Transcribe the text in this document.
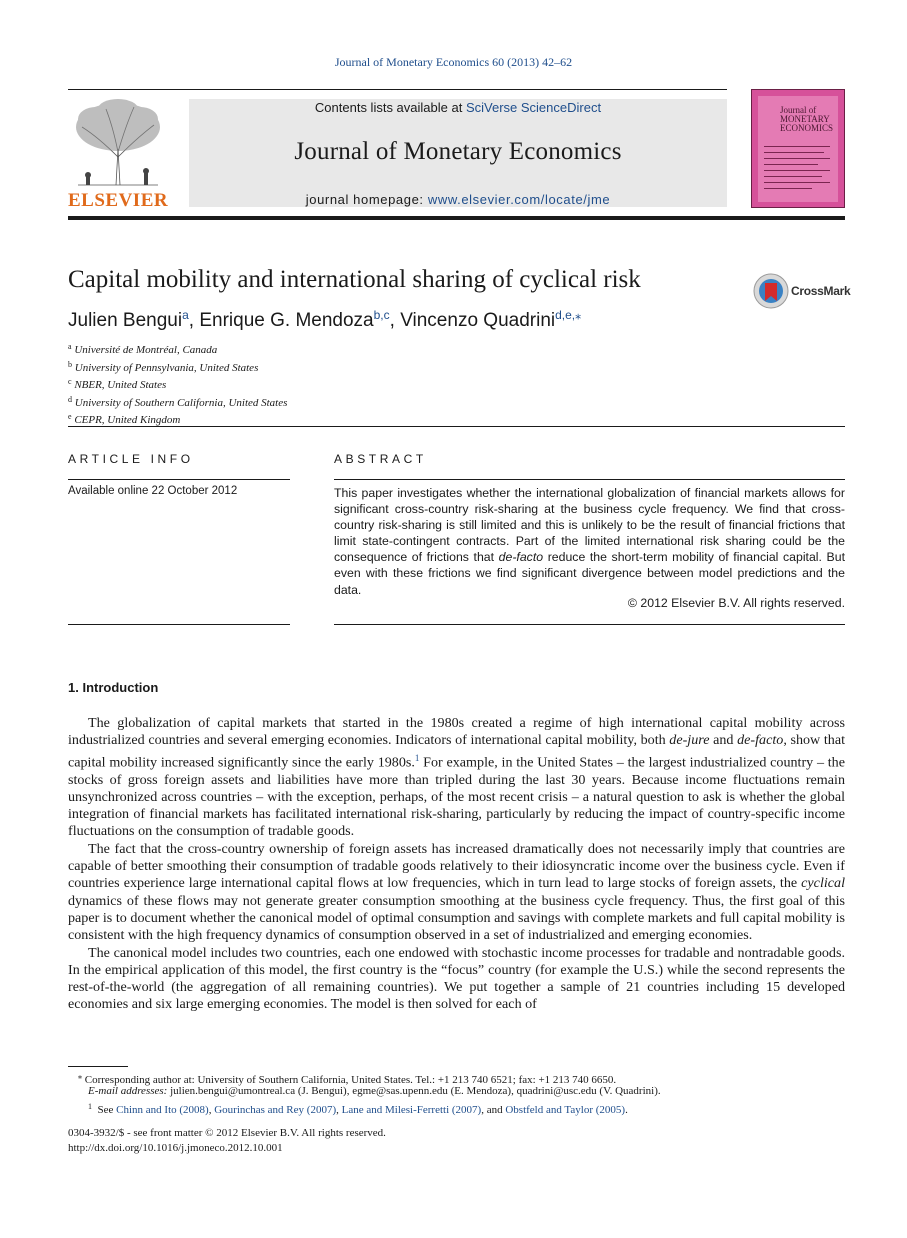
Journal of Monetary Economics 60 (2013) 42–62
ELSEVIER
Contents lists available at SciVerse ScienceDirect
Journal of Monetary Economics
journal homepage: www.elsevier.com/locate/jme
Journal of MONETARY ECONOMICS
Capital mobility and international sharing of cyclical risk	CrossMark
Julien Bengui$^a$, Enrique G. Mendoza$^{b,c}$, Vincenzo Quadrini$^{d,e,⁎}$
$^a$ Université de Montréal, Canada
$^b$ University of Pennsylvania, United States
$^c$ NBER, United States
$^d$ University of Southern California, United States
$^e$ CEPR, United Kingdom
ARTICLE INFO
Available online 22 October 2012
ABSTRACT
This paper investigates whether the international globalization of financial markets allows for significant cross-country risk-sharing at the business cycle frequency. We find that cross-country risk-sharing is still limited and this is unlikely to be the result of financial frictions that limit state-contingent contracts. Part of the limited international risk sharing could be the consequence of frictions that de-facto reduce the short-term mobility of financial capital. But even with these frictions we find significant divergence between model predictions and the data.
© 2012 Elsevier B.V. All rights reserved.
1. Introduction

The globalization of capital markets that started in the 1980s created a regime of high international capital mobility across industrialized countries and several emerging economies. Indicators of international capital mobility, both de-jure and de-facto, show that capital mobility increased significantly since the early 1980s.$^1$ For example, in the United States – the largest industrialized country – the stocks of gross foreign assets and liabilities have more than tripled during the last 30 years. Because income fluctuations remain unsynchronized across countries – with the exception, perhaps, of the most recent crisis – a natural question to ask is whether the global integration of financial markets has facilitated international risk-sharing, particularly by reducing the impact of country-specific income fluctuations on the consumption of tradable goods.

The fact that the cross-country ownership of foreign assets has increased dramatically does not necessarily imply that countries are capable of better smoothing their consumption of tradable goods relatively to their idiosyncratic income over the business cycle. Even if countries experience large international capital flows at low frequencies, which in turn lead to large stocks of foreign assets, the cyclical dynamics of these flows may not generate greater consumption smoothing at the business cycle frequency. Thus, the first goal of this paper is to document whether the canonical model of optimal consumption and savings with complete markets and full capital mobility is consistent with the high frequency dynamics of consumption observed in a set of industrialized and emerging economies.

The canonical model includes two countries, each one endowed with stochastic income processes for tradable and nontradable goods. In the empirical application of this model, the first country is the “focus” country (for example the U.S.) while the second represents the rest-of-the-world (the aggregation of all remaining countries). We put together a sample of 21 countries including 15 developed economies and six large emerging economies. The model is then solved for each of

⁎ Corresponding author at: University of Southern California, United States. Tel.: +1 213 740 6521; fax: +1 213 740 6650.
E-mail addresses: julien.bengui@umontreal.ca (J. Bengui), egme@sas.upenn.edu (E. Mendoza), quadrini@usc.edu (V. Quadrini).
$^1$ See Chinn and Ito (2008), Gourinchas and Rey (2007), Lane and Milesi-Ferretti (2007), and Obstfeld and Taylor (2005).
0304-3932/$ - see front matter © 2012 Elsevier B.V. All rights reserved.
http://dx.doi.org/10.1016/j.jmoneco.2012.10.001
